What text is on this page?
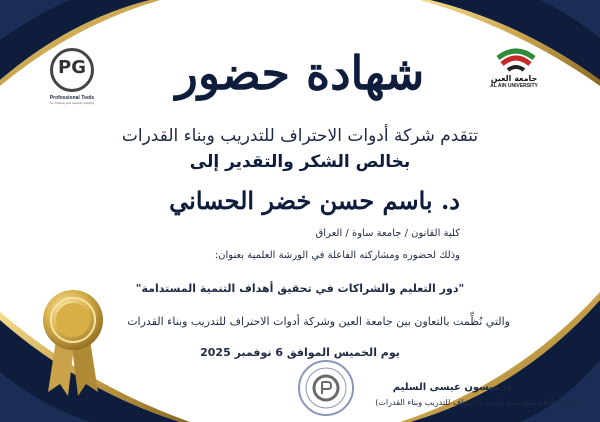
PG
Professional Tools
for Training and capacity building
جامعة العين
AL AIN UNIVERSITY
شهادة حضور
تتقدم شركة أدوات الاحتراف للتدريب وبناء القدرات
بخالص الشكر والتقدير إلى
د. باسم حسن خضر الحساني
كلية القانون / جامعة ساوة / العراق
وذلك لحضوره ومشاركته الفاعلة في الورشة العلمية بعنوان:
"دور التعليم والشراكات في تحقيق أهداف التنمية المستدامة"
والتي نُظِّمت بالتعاون بين جامعة العين وشركة أدوات الاحتراف للتدريب وبناء القدرات
يوم الخميس الموافق 6 نوفمبر 2025
د. ميسون عيسى السليم
(المدير العام لمؤسسة أدوات الاحتراف للتدريب وبناء القدرات)
